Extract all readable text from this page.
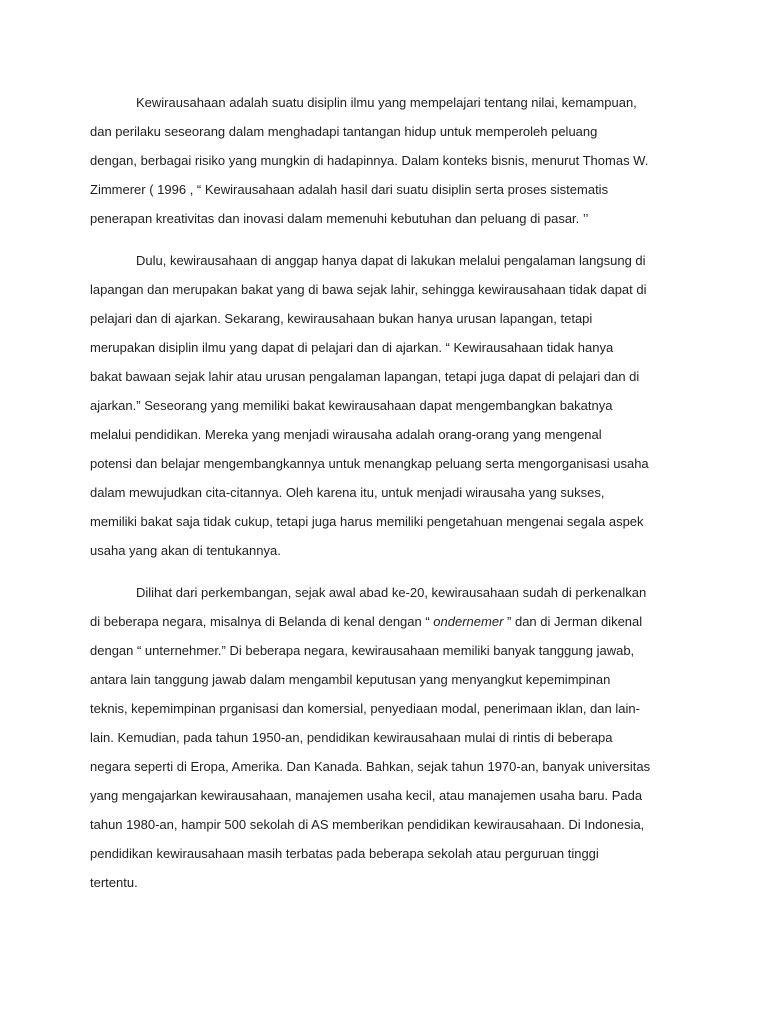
Kewirausahaan adalah suatu disiplin ilmu yang mempelajari tentang nilai, kemampuan,
dan perilaku seseorang dalam menghadapi tantangan hidup untuk memperoleh peluang
dengan, berbagai risiko yang mungkin di hadapinnya. Dalam konteks bisnis, menurut Thomas W.
Zimmerer ( 1996 , “ Kewirausahaan adalah hasil dari suatu disiplin serta proses sistematis
penerapan kreativitas dan inovasi dalam memenuhi kebutuhan dan peluang di pasar. ’’
Dulu, kewirausahaan di anggap hanya dapat di lakukan melalui pengalaman langsung di
lapangan dan merupakan bakat yang di bawa sejak lahir, sehingga kewirausahaan tidak dapat di
pelajari dan di ajarkan. Sekarang, kewirausahaan bukan hanya urusan lapangan, tetapi
merupakan disiplin ilmu yang dapat di pelajari dan di ajarkan. “ Kewirausahaan tidak hanya
bakat bawaan sejak lahir atau urusan pengalaman lapangan, tetapi juga dapat di pelajari dan di
ajarkan.” Seseorang yang memiliki bakat kewirausahaan dapat mengembangkan bakatnya
melalui pendidikan. Mereka yang menjadi wirausaha adalah orang-orang yang mengenal
potensi dan belajar mengembangkannya untuk menangkap peluang serta mengorganisasi usaha
dalam mewujudkan cita-citannya. Oleh karena itu, untuk menjadi wirausaha yang sukses,
memiliki bakat saja tidak cukup, tetapi juga harus memiliki pengetahuan mengenai segala aspek
usaha yang akan di tentukannya.
Dilihat dari perkembangan, sejak awal abad ke-20, kewirausahaan sudah di perkenalkan
di beberapa negara, misalnya di Belanda di kenal dengan “ ondernemer ” dan di Jerman dikenal
dengan “ unternehmer.” Di beberapa negara, kewirausahaan memiliki banyak tanggung jawab,
antara lain tanggung jawab dalam mengambil keputusan yang menyangkut kepemimpinan
teknis, kepemimpinan prganisasi dan komersial, penyediaan modal, penerimaan iklan, dan lain-
lain. Kemudian, pada tahun 1950-an, pendidikan kewirausahaan mulai di rintis di beberapa
negara seperti di Eropa, Amerika. Dan Kanada. Bahkan, sejak tahun 1970-an, banyak universitas
yang mengajarkan kewirausahaan, manajemen usaha kecil, atau manajemen usaha baru. Pada
tahun 1980-an, hampir 500 sekolah di AS memberikan pendidikan kewirausahaan. Di Indonesia,
pendidikan kewirausahaan masih terbatas pada beberapa sekolah atau perguruan tinggi
tertentu.
